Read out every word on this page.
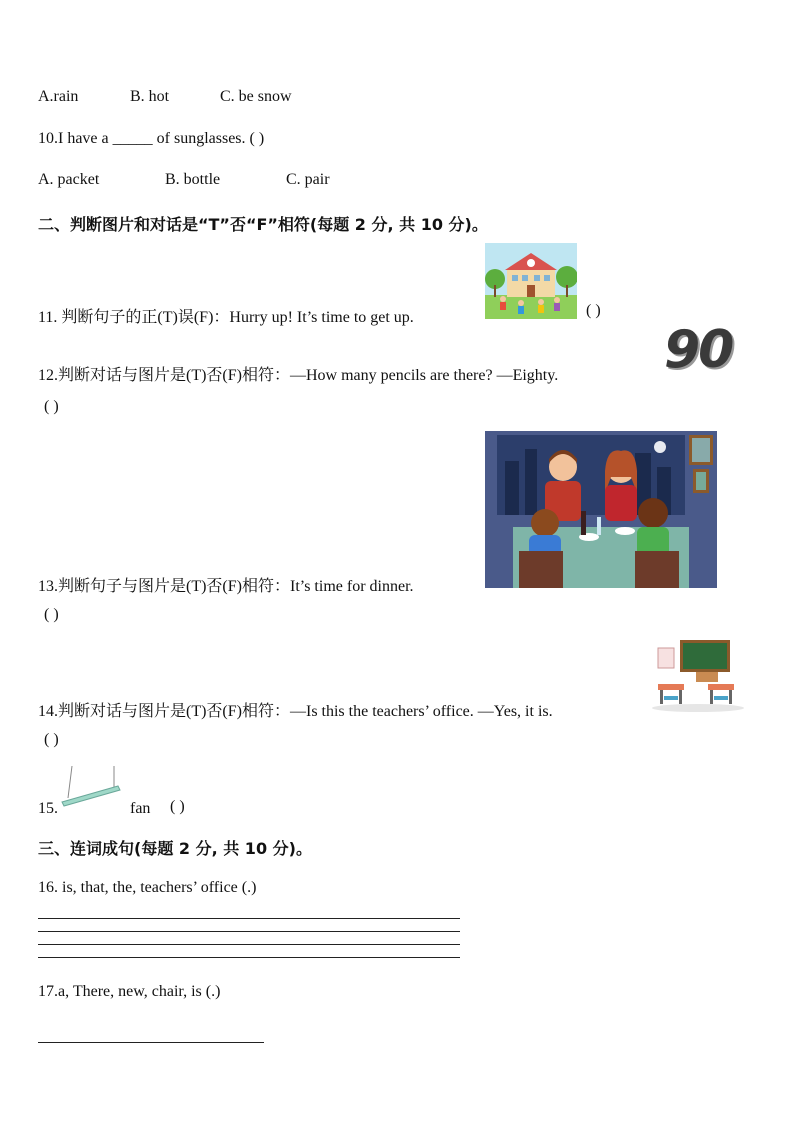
A.rain	B. hot	C. be snow
10.I have a _____ of sunglasses. ( )
A. packet	B. bottle	C. pair
二、判断图片和对话是“T”否“F”相符(每题 2 分, 共 10 分)。
11. 判断句子的正(T)误(F)：Hurry up! It’s time to get up.	( )
12.判断对话与图片是(T)否(F)相符：—How many pencils are there? —Eighty. 90
( )
13.判断句子与图片是(T)否(F)相符：It’s time for dinner.
( )
14.判断对话与图片是(T)否(F)相符：—Is this the teachers’ office. —Yes, it is.
( )
15.	fan ( )
三、连词成句(每题 2 分, 共 10 分)。
16. is, that, the, teachers’ office (.)
17.a, There, new, chair, is (.)
